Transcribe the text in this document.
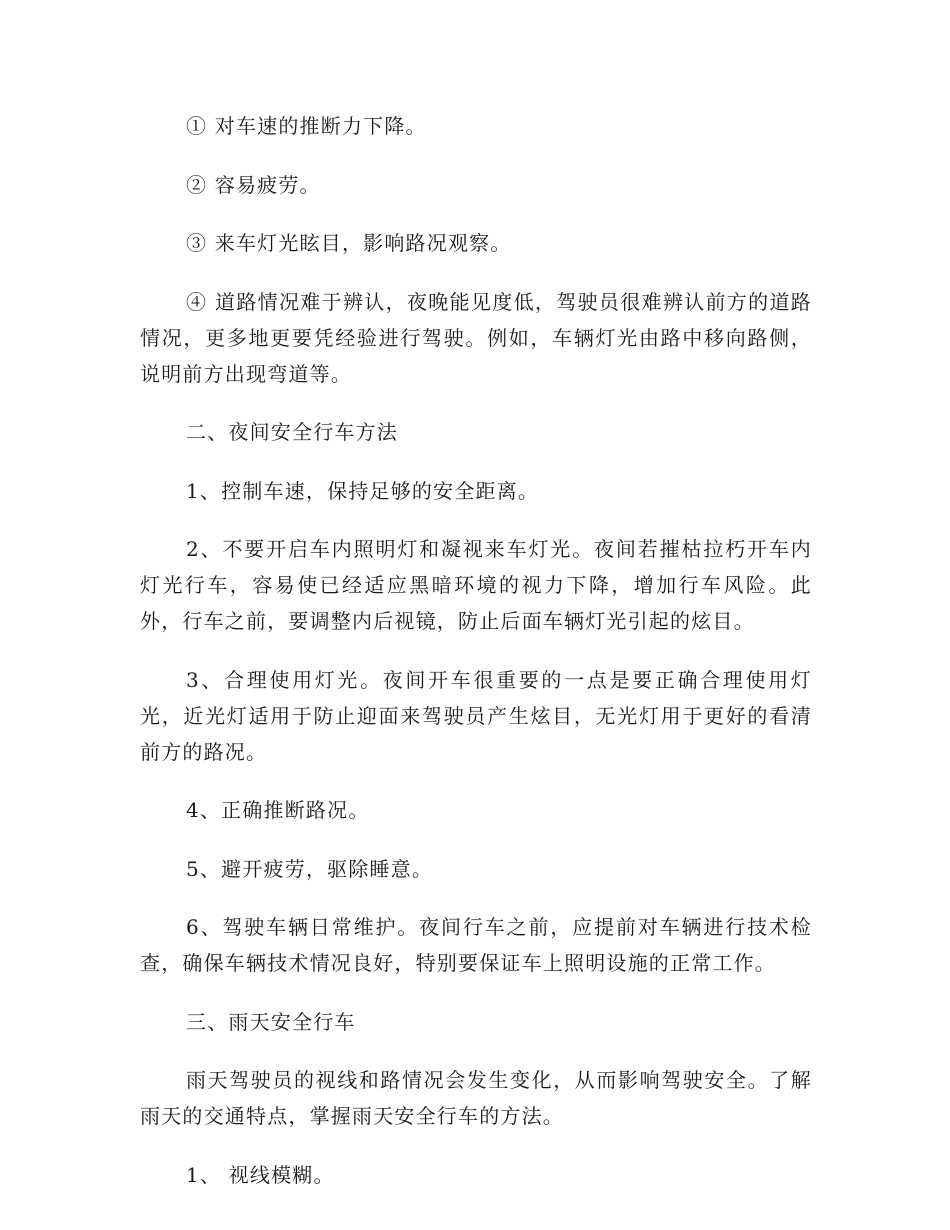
① 对车速的推断力下降。

② 容易疲劳。

③ 来车灯光眩目，影响路况观察。

④ 道路情况难于辨认，夜晚能见度低，驾驶员很难辨认前方的道路情况，更多地更要凭经验进行驾驶。例如，车辆灯光由路中移向路侧，说明前方出现弯道等。

二、夜间安全行车方法

1、控制车速，保持足够的安全距离。

2、不要开启车内照明灯和凝视来车灯光。夜间若摧枯拉朽开车内灯光行车，容易使已经适应黑暗环境的视力下降，增加行车风险。此外，行车之前，要调整内后视镜，防止后面车辆灯光引起的炫目。

3、合理使用灯光。夜间开车很重要的一点是要正确合理使用灯光，近光灯适用于防止迎面来驾驶员产生炫目，无光灯用于更好的看清前方的路况。

4、正确推断路况。

5、避开疲劳，驱除睡意。

6、驾驶车辆日常维护。夜间行车之前，应提前对车辆进行技术检查，确保车辆技术情况良好，特别要保证车上照明设施的正常工作。

三、雨天安全行车

雨天驾驶员的视线和路情况会发生变化，从而影响驾驶安全。了解雨天的交通特点，掌握雨天安全行车的方法。

1、 视线模糊。
